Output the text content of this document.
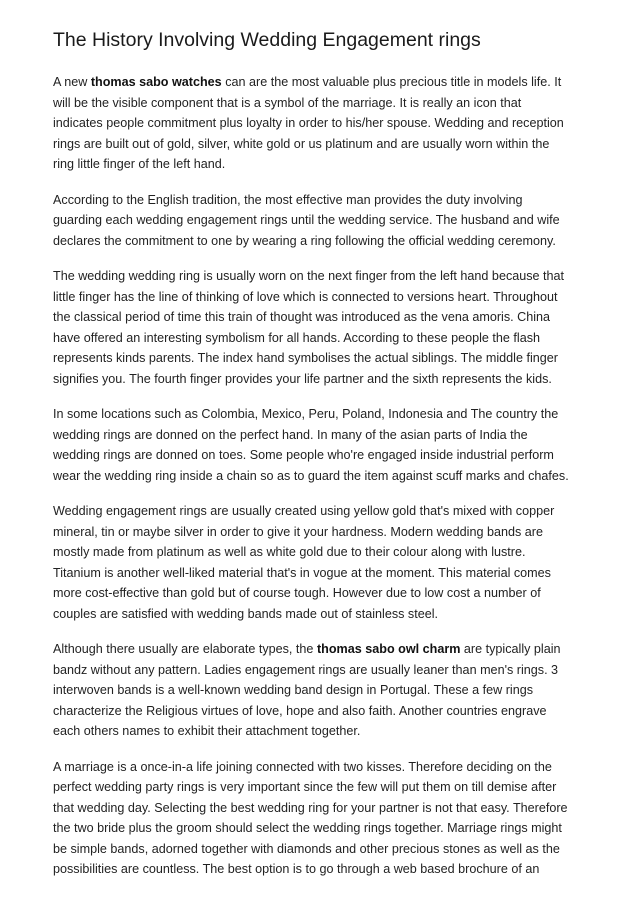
The History Involving Wedding Engagement rings

A new thomas sabo watches can are the most valuable plus precious title in models life. It
will be the visible component that is a symbol of the marriage. It is really an icon that
indicates people commitment plus loyalty in order to his/her spouse. Wedding and reception
rings are built out of gold, silver, white gold or us platinum and are usually worn within the
ring little finger of the left hand.

According to the English tradition, the most effective man provides the duty involving
guarding each wedding engagement rings until the wedding service. The husband and wife
declares the commitment to one by wearing a ring following the official wedding ceremony.

The wedding wedding ring is usually worn on the next finger from the left hand because that
little finger has the line of thinking of love which is connected to versions heart. Throughout
the classical period of time this train of thought was introduced as the vena amoris. China
have offered an interesting symbolism for all hands. According to these people the flash
represents kinds parents. The index hand symbolises the actual siblings. The middle finger
signifies you. The fourth finger provides your life partner and the sixth represents the kids.

In some locations such as Colombia, Mexico, Peru, Poland, Indonesia and The country the
wedding rings are donned on the perfect hand. In many of the asian parts of India the
wedding rings are donned on toes. Some people who're engaged inside industrial perform
wear the wedding ring inside a chain so as to guard the item against scuff marks and chafes.

Wedding engagement rings are usually created using yellow gold that's mixed with copper
mineral, tin or maybe silver in order to give it your hardness. Modern wedding bands are
mostly made from platinum as well as white gold due to their colour along with lustre.
Titanium is another well-liked material that's in vogue at the moment. This material comes
more cost-effective than gold but of course tough. However due to low cost a number of
couples are satisfied with wedding bands made out of stainless steel.

Although there usually are elaborate types, the thomas sabo owl charm are typically plain
bandz without any pattern. Ladies engagement rings are usually leaner than men's rings. 3
interwoven bands is a well-known wedding band design in Portugal. These a few rings
characterize the Religious virtues of love, hope and also faith. Another countries engrave
each others names to exhibit their attachment together.

A marriage is a once-in-a life joining connected with two kisses. Therefore deciding on the
perfect wedding party rings is very important since the few will put them on till demise after
that wedding day. Selecting the best wedding ring for your partner is not that easy. Therefore
the two bride plus the groom should select the wedding rings together. Marriage rings might
be simple bands, adorned together with diamonds and other precious stones as well as the
possibilities are countless. The best option is to go through a web based brochure of an
